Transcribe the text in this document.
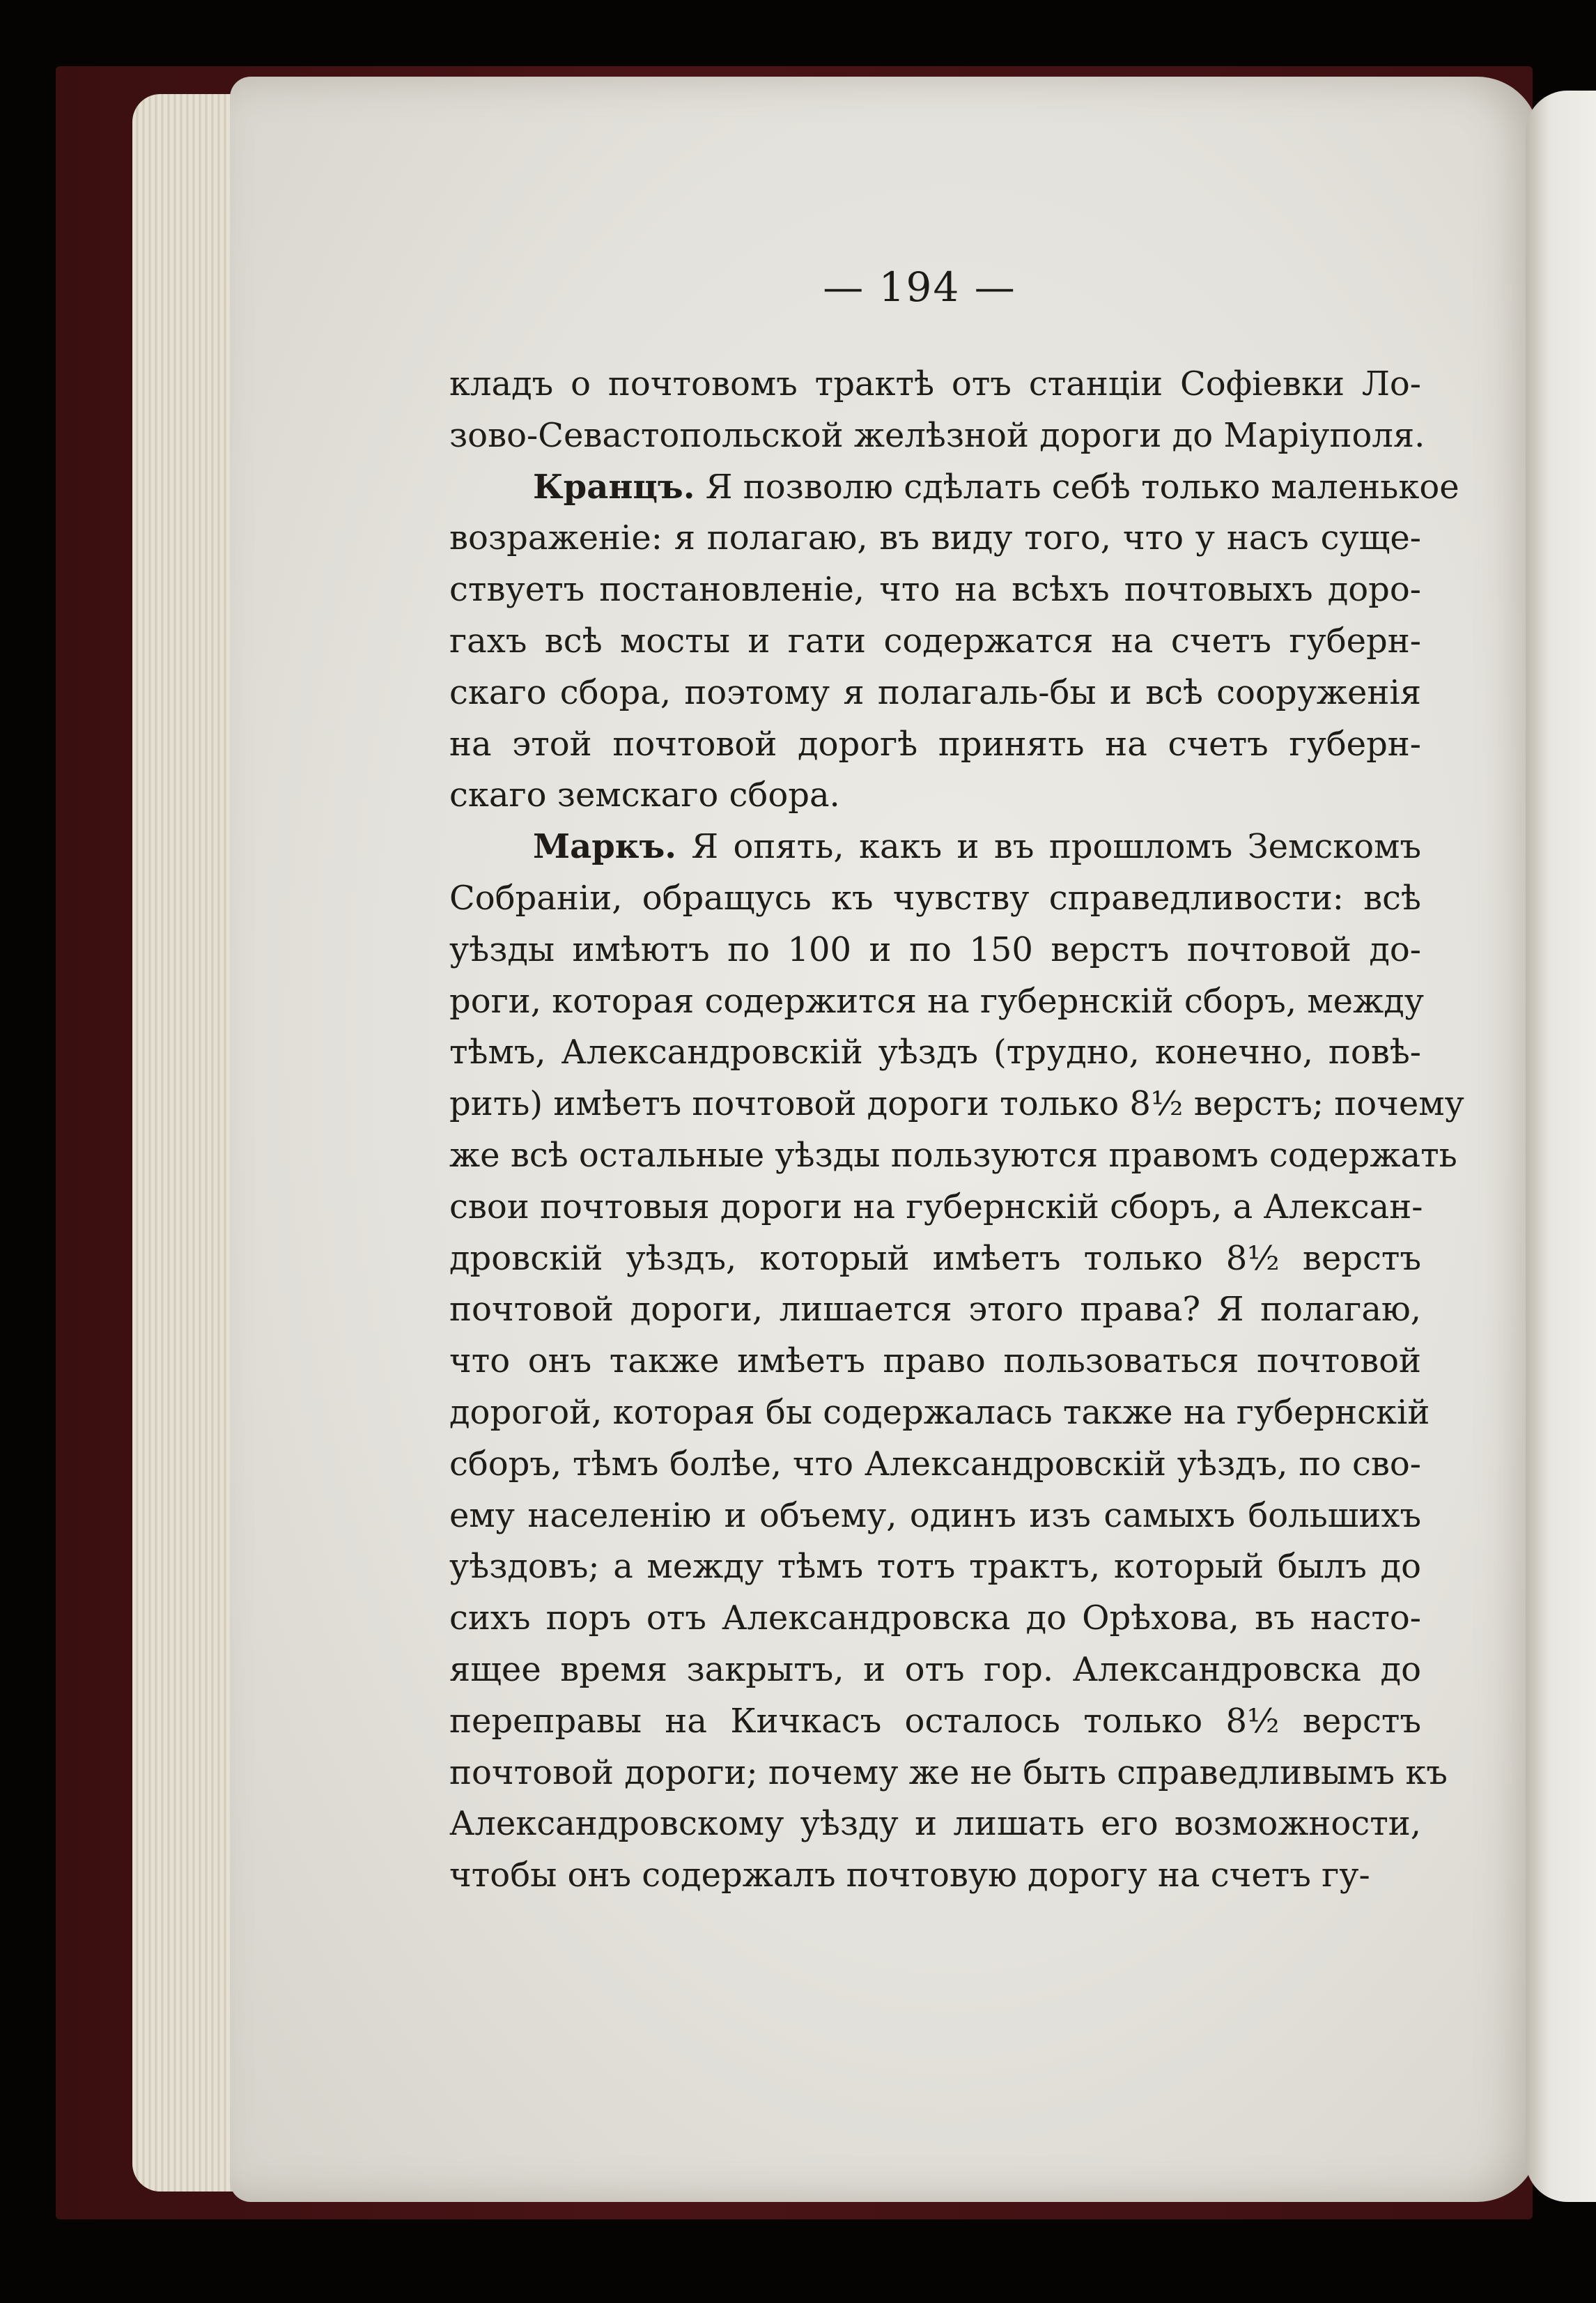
— 194 —
кладъ о почтовомъ трактѣ отъ станціи Софіевки Ло-
зово-Севастопольской желѣзной дороги до Маріуполя.
Кранцъ. Я позволю сдѣлать себѣ только маленькое
возраженіе: я полагаю, въ виду того, что у насъ суще-
ствуетъ постановленіе, что на всѣхъ почтовыхъ доро-
гахъ всѣ мосты и гати содержатся на счетъ губерн-
скаго сбора, поэтому я полагаль-бы и всѣ сооруженія
на этой почтовой дорогѣ принять на счетъ губерн-
скаго земскаго сбора.
Маркъ. Я опять, какъ и въ прошломъ Земскомъ
Собраніи, обращусь къ чувству справедливости: всѣ
уѣзды имѣютъ по 100 и по 150 верстъ почтовой до-
роги, которая содержится на губернскій сборъ, между
тѣмъ, Александровскій уѣздъ (трудно, конечно, повѣ-
рить) имѣетъ почтовой дороги только 8½ верстъ; почему
же всѣ остальные уѣзды пользуются правомъ содержать
свои почтовыя дороги на губернскій сборъ, а Алексан-
дровскій уѣздъ, который имѣетъ только 8½ верстъ
почтовой дороги, лишается этого права? Я полагаю,
что онъ также имѣетъ право пользоваться почтовой
дорогой, которая бы содержалась также на губернскій
сборъ, тѣмъ болѣе, что Александровскій уѣздъ, по сво-
ему населенію и объему, одинъ изъ самыхъ большихъ
уѣздовъ; а между тѣмъ тотъ трактъ, который былъ до
сихъ поръ отъ Александровска до Орѣхова, въ насто-
ящее время закрытъ, и отъ гор. Александровска до
переправы на Кичкасъ осталось только 8½ верстъ
почтовой дороги; почему же не быть справедливымъ къ
Александровскому уѣзду и лишать его возможности,
чтобы онъ содержалъ почтовую дорогу на счетъ гу-
